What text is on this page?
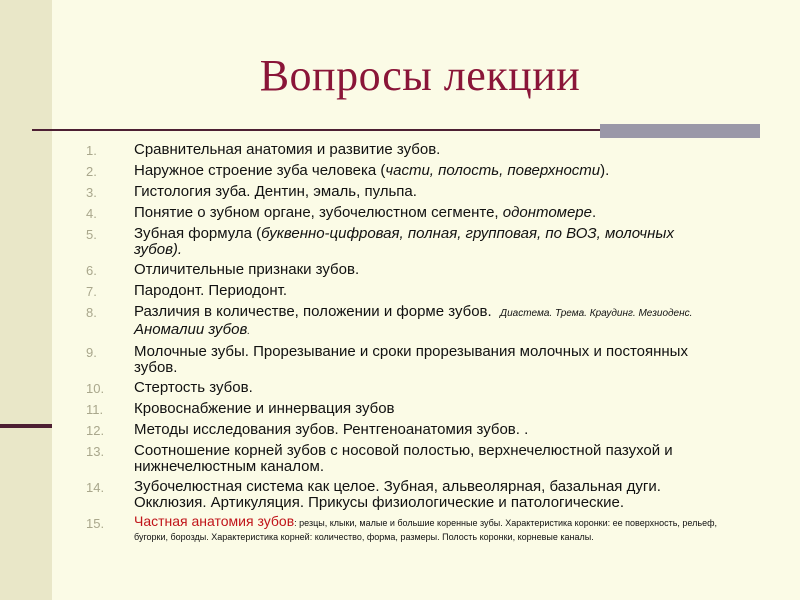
Вопросы лекции
1.	Сравнительная анатомия и развитие зубов.
2.	Наружное строение зуба человека (части, полость, поверхности).
3.	Гистология зуба. Дентин, эмаль, пульпа.
4.	Понятие о зубном органе, зубочелюстном сегменте, одонтомере.
5.	Зубная формула (буквенно-цифровая, полная, групповая, по ВОЗ, молочных зубов).
6.	Отличительные признаки зубов.
7.	Пародонт. Периодонт.
8.	Различия в количестве, положении и форме зубов. Диастема. Трема. Краудинг. Мезиоденс.  Аномалии зубов.
9.	Молочные зубы. Прорезывание и сроки прорезывания молочных и постоянных зубов.
10.	Стертость зубов.
11.	Кровоснабжение и иннервация зубов
12.	Методы исследования зубов. Рентгеноанатомия зубов. .
13.	Соотношение корней зубов с носовой полостью, верхнечелюстной пазухой и нижнечелюстным каналом.
14.	Зубочелюстная система как целое. Зубная, альвеолярная, базальная дуги. Окклюзия. Артикуляция. Прикусы физиологические и патологические.
15.	Частная анатомия зубов: резцы, клыки, малые и большие коренные зубы. Характеристика коронки: ее поверхность, рельеф, бугорки, борозды. Характеристика корней: количество, форма, размеры. Полость коронки, корневые каналы.
